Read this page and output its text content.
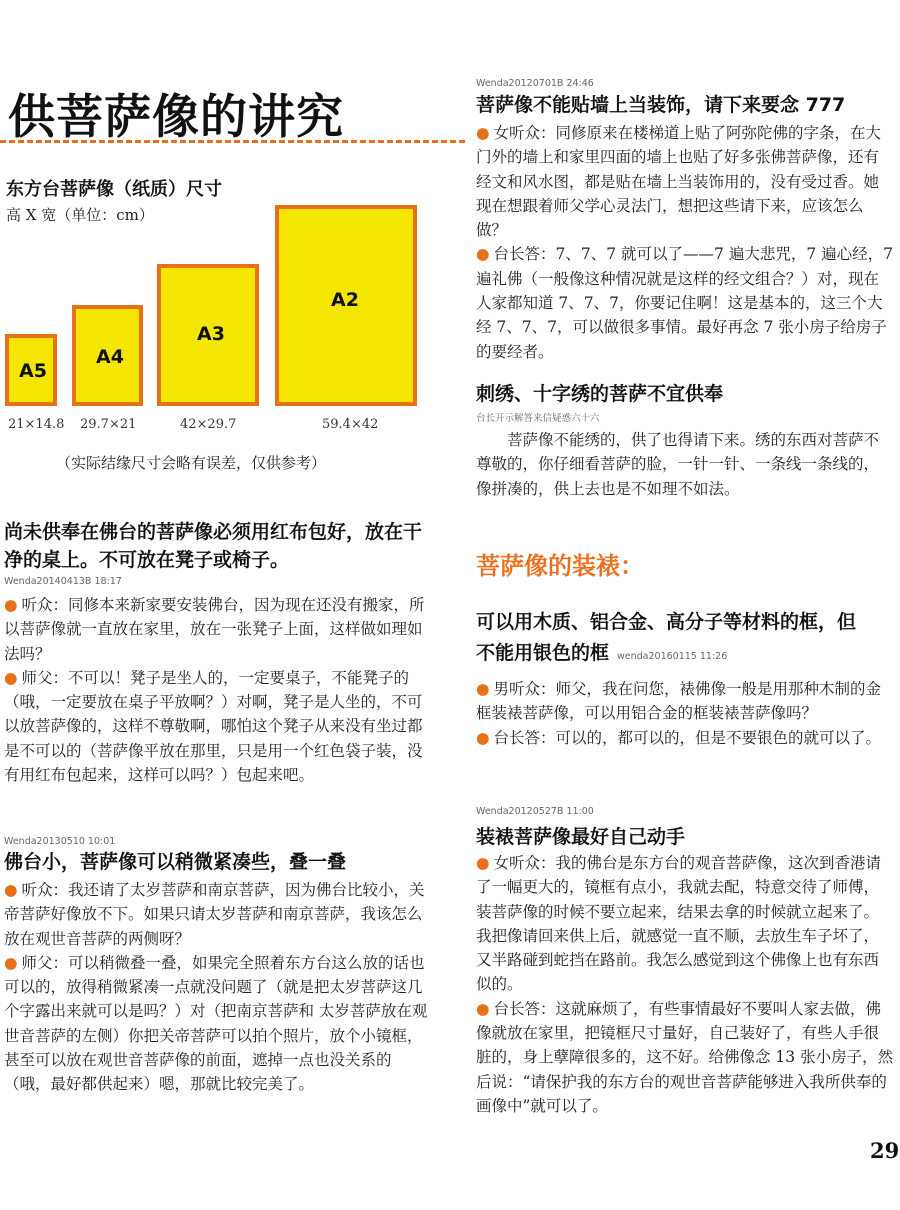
供菩萨像的讲究
东方台菩萨像（纸质）尺寸
高 X 宽（单位：cm）
A5
A4
A3
A2
21×14.8 29.7×21	42×29.7	59.4×42
（实际结缘尺寸会略有误差，仅供参考）
尚未供奉在佛台的菩萨像必须用红布包好，放在干净的桌上。不可放在凳子或椅子。
Wenda20140413B 18:17

● 听众：同修本来新家要安装佛台，因为现在还没有搬家，所以菩萨像就一直放在家里，放在一张凳子上面，这样做如理如法吗？

● 师父：不可以！凳子是坐人的，一定要桌子，不能凳子的（哦，一定要放在桌子平放啊？）对啊，凳子是人坐的，不可以放菩萨像的，这样不尊敬啊，哪怕这个凳子从来没有坐过都是不可以的（菩萨像平放在那里，只是用一个红色袋子装，没有用红布包起来，这样可以吗？）包起来吧。

Wenda20130510 10:01
佛台小，菩萨像可以稍微紧凑些，叠一叠

● 听众：我还请了太岁菩萨和南京菩萨，因为佛台比较小，关帝菩萨好像放不下。如果只请太岁菩萨和南京菩萨，我该怎么放在观世音菩萨的两侧呀？

● 师父：可以稍微叠一叠，如果完全照着东方台这么放的话也可以的，放得稍微紧凑一点就没问题了（就是把太岁菩萨这几个字露出来就可以是吗？）对（把南京菩萨和 太岁菩萨放在观世音菩萨的左侧）你把关帝菩萨可以拍个照片，放个小镜框，甚至可以放在观世音菩萨像的前面，遮掉一点也没关系的（哦，最好都供起来）嗯，那就比较完美了。

Wenda20120701B 24:46
菩萨像不能贴墙上当装饰，请下来要念 777

● 女听众：同修原来在楼梯道上贴了阿弥陀佛的字条，在大门外的墙上和家里四面的墙上也贴了好多张佛菩萨像，还有经文和风水图，都是贴在墙上当装饰用的，没有受过香。她现在想跟着师父学心灵法门，想把这些请下来，应该怎么做？

● 台长答：7、7、7 就可以了——7 遍大悲咒，7 遍心经，7 遍礼佛（一般像这种情况就是这样的经文组合？）对，现在人家都知道 7、7、7，你要记住啊！这是基本的，这三个大经 7、7、7，可以做很多事情。最好再念 7 张小房子给房子的要经者。

刺绣、十字绣的菩萨不宜供奉
台长开示解答来信疑惑六十六

菩萨像不能绣的，供了也得请下来。绣的东西对菩萨不尊敬的，你仔细看菩萨的脸，一针一针、一条线一条线的，像拼凑的，供上去也是不如理不如法。

菩萨像的装裱：
可以用木质、铝合金、高分子等材料的框，但
不能用银色的框 wenda20160115 11:26

● 男听众：师父，我在问您，裱佛像一般是用那种木制的金框装裱菩萨像，可以用铝合金的框装裱菩萨像吗？

● 台长答：可以的，都可以的，但是不要银色的就可以了。

Wenda20120527B 11:00
装裱菩萨像最好自己动手

● 女听众：我的佛台是东方台的观音菩萨像，这次到香港请了一幅更大的，镜框有点小，我就去配，特意交待了师傅，装菩萨像的时候不要立起来，结果去拿的时候就立起来了。我把像请回来供上后，就感觉一直不顺，去放生车子坏了，又半路碰到蛇挡在路前。我怎么感觉到这个佛像上也有东西似的。

● 台长答：这就麻烦了，有些事情最好不要叫人家去做，佛像就放在家里，把镜框尺寸量好，自己装好了，有些人手很脏的，身上孽障很多的，这不好。给佛像念 13 张小房子，然后说：“请保护我的东方台的观世音菩萨能够进入我所供奉的画像中”就可以了。

29
